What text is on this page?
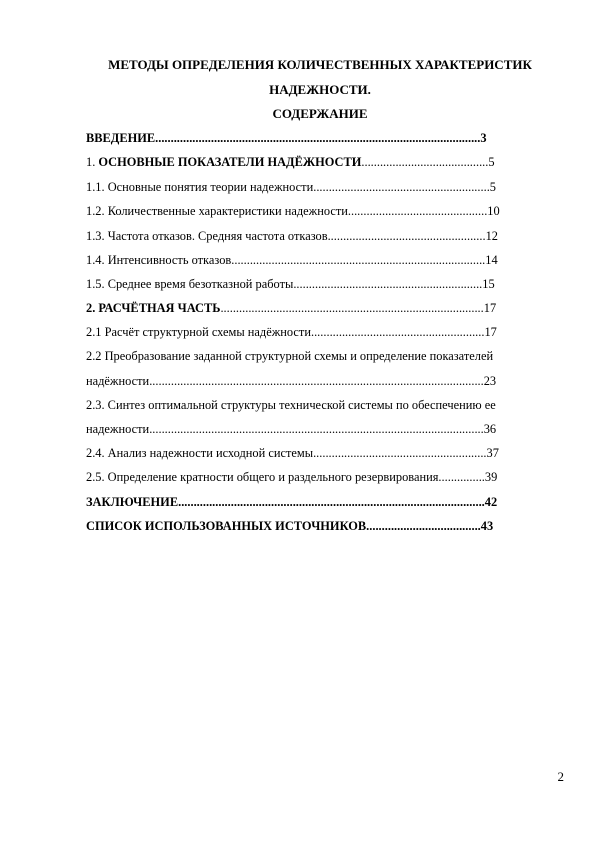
МЕТОДЫ ОПРЕДЕЛЕНИЯ КОЛИЧЕСТВЕННЫХ ХАРАКТЕРИСТИК
НАДЕЖНОСТИ.
СОДЕРЖАНИЕ
ВВЕДЕНИЕ.........................................................................................................3
1. ОСНОВНЫЕ ПОКАЗАТЕЛИ НАДЁЖНОСТИ.........................................5
1.1. Основные понятия теории надежности.........................................................5
1.2. Количественные характеристики надежности.............................................10
1.3. Частота отказов. Средняя частота отказов...................................................12
1.4. Интенсивность отказов..................................................................................14
1.5. Среднее время безотказной работы.............................................................15
2. РАСЧЁТНАЯ ЧАСТЬ.....................................................................................17
2.1 Расчёт структурной схемы надёжности........................................................17
2.2 Преобразование заданной структурной схемы и определение показателей
надёжности............................................................................................................23
2.3. Синтез оптимальной структуры технической системы по обеспечению ее
надежности............................................................................................................36
2.4. Анализ надежности исходной системы........................................................37
2.5. Определение кратности общего и раздельного резервирования...............39
ЗАКЛЮЧЕНИЕ...................................................................................................42
СПИСОК ИСПОЛЬЗОВАННЫХ ИСТОЧНИКОВ.....................................43
2
